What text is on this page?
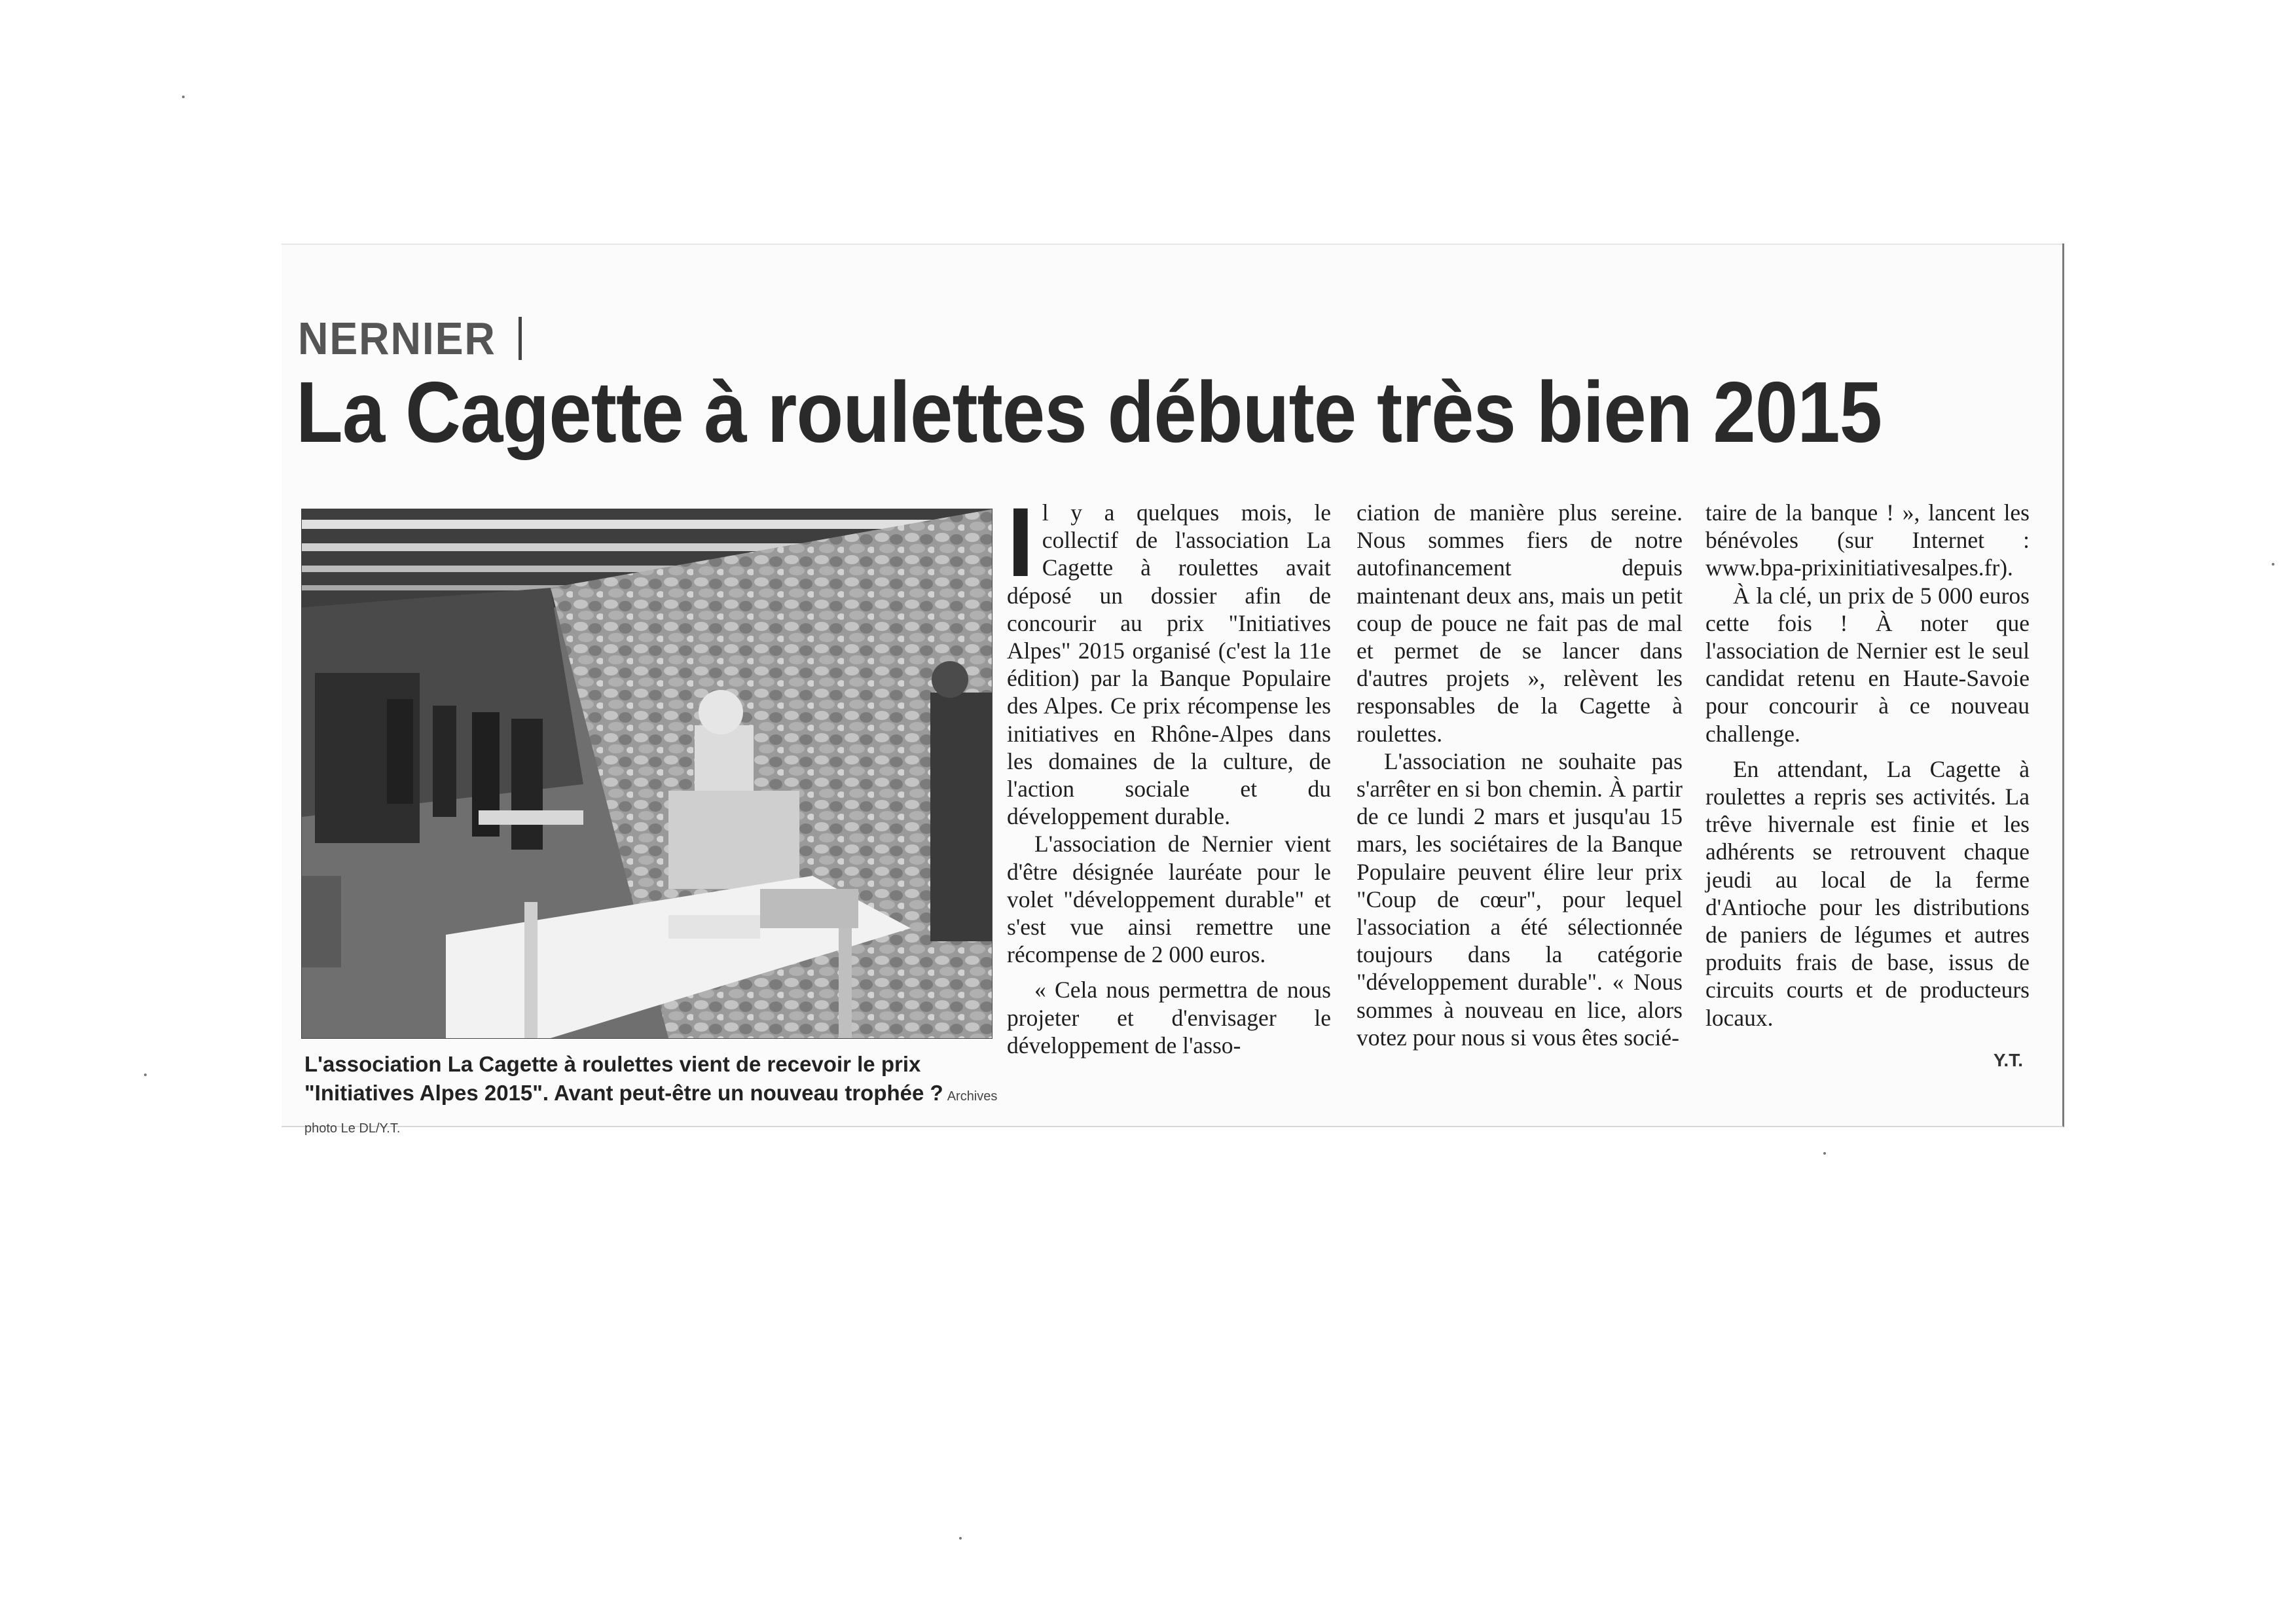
NERNIER
La Cagette à roulettes débute très bien 2015
L'association La Cagette à roulettes vient de recevoir le prix "Initiatives Alpes 2015". Avant peut-être un nouveau trophée ? Archives photo Le DL/Y.T.
I l y a quelques mois, le collectif de l'association La Cagette à roulettes avait déposé un dossier afin de concourir au prix "Initiatives Alpes" 2015 organisé (c'est la 11e édition) par la Banque Populaire des Alpes. Ce prix récompense les initiatives en Rhône-Alpes dans les domaines de la culture, de l'action sociale et du développement durable.

L'association de Nernier vient d'être désignée lauréate pour le volet "développement durable" et s'est vue ainsi remettre une récompense de 2 000 euros.

« Cela nous permettra de nous projeter et d'envisager le développement de l'asso-

ciation de manière plus sereine. Nous sommes fiers de notre autofinancement depuis maintenant deux ans, mais un petit coup de pouce ne fait pas de mal et permet de se lancer dans d'autres projets », relèvent les responsables de la Cagette à roulettes.

L'association ne souhaite pas s'arrêter en si bon chemin. À partir de ce lundi 2 mars et jusqu'au 15 mars, les sociétaires de la Banque Populaire peuvent élire leur prix "Coup de cœur", pour lequel l'association a été sélectionnée toujours dans la catégorie "développement durable". « Nous sommes à nouveau en lice, alors votez pour nous si vous êtes socié-

taire de la banque ! », lancent les bénévoles (sur Internet : www.bpa-prixinitiativesalpes.fr).

À la clé, un prix de 5 000 euros cette fois ! À noter que l'association de Nernier est le seul candidat retenu en Haute-Savoie pour concourir à ce nouveau challenge.

En attendant, La Cagette à roulettes a repris ses activités. La trêve hivernale est finie et les adhérents se retrouvent chaque jeudi au local de la ferme d'Antioche pour les distributions de paniers de légumes et autres produits frais de base, issus de circuits courts et de producteurs locaux.

Y.T.
